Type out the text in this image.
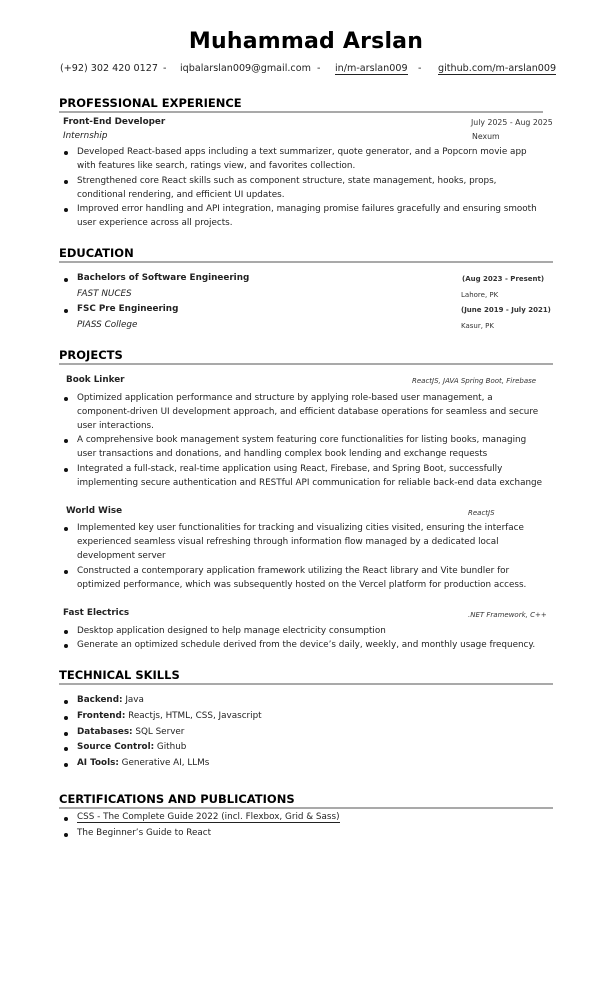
Muhammad Arslan
(+92) 302 420 0127 - iqbalarslan009@gmail.com - in/m-arslan009 - github.com/m-arslan009
PROFESSIONAL EXPERIENCE
Front-End Developer	July 2025 - Aug 2025
Internship	Nexum
Developed React-based apps including a text summarizer, quote generator, and a Popcorn movie app with features like search, ratings view, and favorites collection.
Strengthened core React skills such as component structure, state management, hooks, props, conditional rendering, and efficient UI updates.
Improved error handling and API integration, managing promise failures gracefully and ensuring smooth user experience across all projects.
EDUCATION
Bachelors of Software Engineering	(Aug 2023 - Present)
FAST NUCES	Lahore, PK
FSC Pre Engineering	(June 2019 - July 2021)
PIASS College	Kasur, PK
PROJECTS
Book Linker	ReactJS, JAVA Spring Boot, Firebase
Optimized application performance and structure by applying role-based user management, a component-driven UI development approach, and efficient database operations for seamless and secure user interactions.
A comprehensive book management system featuring core functionalities for listing books, managing user transactions and donations, and handling complex book lending and exchange requests
Integrated a full-stack, real-time application using React, Firebase, and Spring Boot, successfully implementing secure authentication and RESTful API communication for reliable back-end data exchange
World Wise	ReactJS
Implemented key user functionalities for tracking and visualizing cities visited, ensuring the interface experienced seamless visual refreshing through information flow managed by a dedicated local development server
Constructed a contemporary application framework utilizing the React library and Vite bundler for optimized performance, which was subsequently hosted on the Vercel platform for production access.
Fast Electrics	.NET Framework, C++
Desktop application designed to help manage electricity consumption
Generate an optimized schedule derived from the device’s daily, weekly, and monthly usage frequency.
TECHNICAL SKILLS
Backend: Java
Frontend: Reactjs, HTML, CSS, Javascript
Databases: SQL Server
Source Control: Github
AI Tools: Generative AI, LLMs
CERTIFICATIONS AND PUBLICATIONS
CSS - The Complete Guide 2022 (incl. Flexbox, Grid & Sass)
The Beginner’s Guide to React
